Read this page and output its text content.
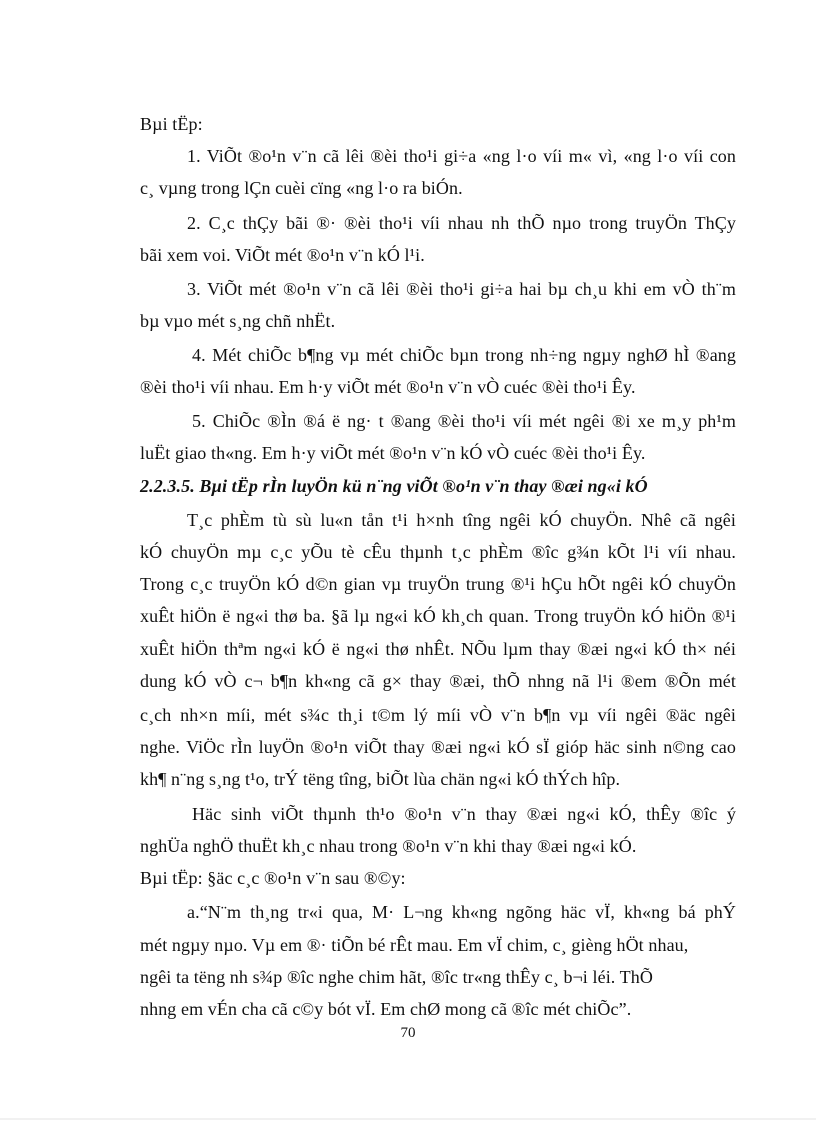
Bµi tËp:
1. ViÕt ®o¹n v¨n cã lêi ®èi tho¹i gi÷a «ng l·o víi m« vì, «ng l·o víi con
c¸ vµng trong lÇn cuèi cïng «ng l·o ra biÓn.
2. C¸c thÇy bãi ®· ®èi tho¹i víi nhau nh thÕ nµo trong truyÖn ThÇy
bãi xem voi. ViÕt mét ®o¹n v¨n kÓ l¹i.
3. ViÕt mét ®o¹n v¨n cã lêi ®èi tho¹i gi÷a hai bµ ch¸u khi em vÒ th¨m
bµ vµo mét s¸ng chñ nhËt.
4. Mét chiÕc b¶ng vµ mét chiÕc bµn trong nh÷ng ngµy nghØ hÌ ®ang
®èi tho¹i víi nhau. Em h·y viÕt mét ®o¹n v¨n vÒ cuéc ®èi tho¹i Êy.
5. ChiÕc ®Ìn ®á ë ng· t ®ang ®èi tho¹i víi mét ngêi ®i xe m¸y ph¹m
luËt giao th«ng. Em h·y viÕt mét ®o¹n v¨n kÓ vÒ cuéc ®èi tho¹i Êy.
2.2.3.5. Bµi tËp rÌn luyÖn kü n¨ng viÕt ®o¹n v¨n thay ®æi ng«i kÓ
T¸c phÈm tù sù lu«n tån t¹i h×nh tîng ngêi kÓ chuyÖn. Nhê cã ngêi
kÓ chuyÖn mµ c¸c yÕu tè cÊu thµnh t¸c phÈm ®îc g¾n kÕt l¹i víi nhau.
Trong c¸c truyÖn kÓ d©n gian vµ truyÖn trung ®¹i hÇu hÕt ngêi kÓ chuyÖn
xuÊt hiÖn ë ng«i thø ba. §ã lµ ng«i kÓ kh¸ch quan. Trong truyÖn kÓ hiÖn ®¹i
xuÊt hiÖn thªm ng«i kÓ ë ng«i thø nhÊt. NÕu lµm thay ®æi ng«i kÓ th× néi
dung kÓ vÒ c¬ b¶n kh«ng cã g× thay ®æi, thÕ nhng nã l¹i ®em ®Õn mét
c¸ch nh×n míi, mét s¾c th¸i t©m lý míi vÒ v¨n b¶n vµ víi ngêi ®äc ngêi
nghe. ViÖc rÌn luyÖn ®o¹n viÕt thay ®æi ng«i kÓ sÏ gióp häc sinh n©ng cao
kh¶ n¨ng s¸ng t¹o, trÝ tëng tîng, biÕt lùa chän ng«i kÓ thÝch hîp.
Häc sinh viÕt thµnh th¹o ®o¹n v¨n thay ®æi ng«i kÓ, thÊy ®îc ý
nghÜa nghÖ thuËt kh¸c nhau trong ®o¹n v¨n khi thay ®æi ng«i kÓ.
Bµi tËp: §äc c¸c ®o¹n v¨n sau ®©y:
a.“N¨m th¸ng tr«i qua, M· L¬ng kh«ng ngõng häc vÏ, kh«ng bá phÝ
mét ngµy nµo. Vµ em ®· tiÕn bé rÊt mau. Em vÏ chim, c¸ gièng hÖt nhau,
ngêi ta tëng nh s¾p ®îc nghe chim hãt, ®îc tr«ng thÊy c¸ b¬i léi. ThÕ
nhng em vÉn cha cã c©y bót vÏ. Em chØ mong cã ®îc mét chiÕc”.
70
